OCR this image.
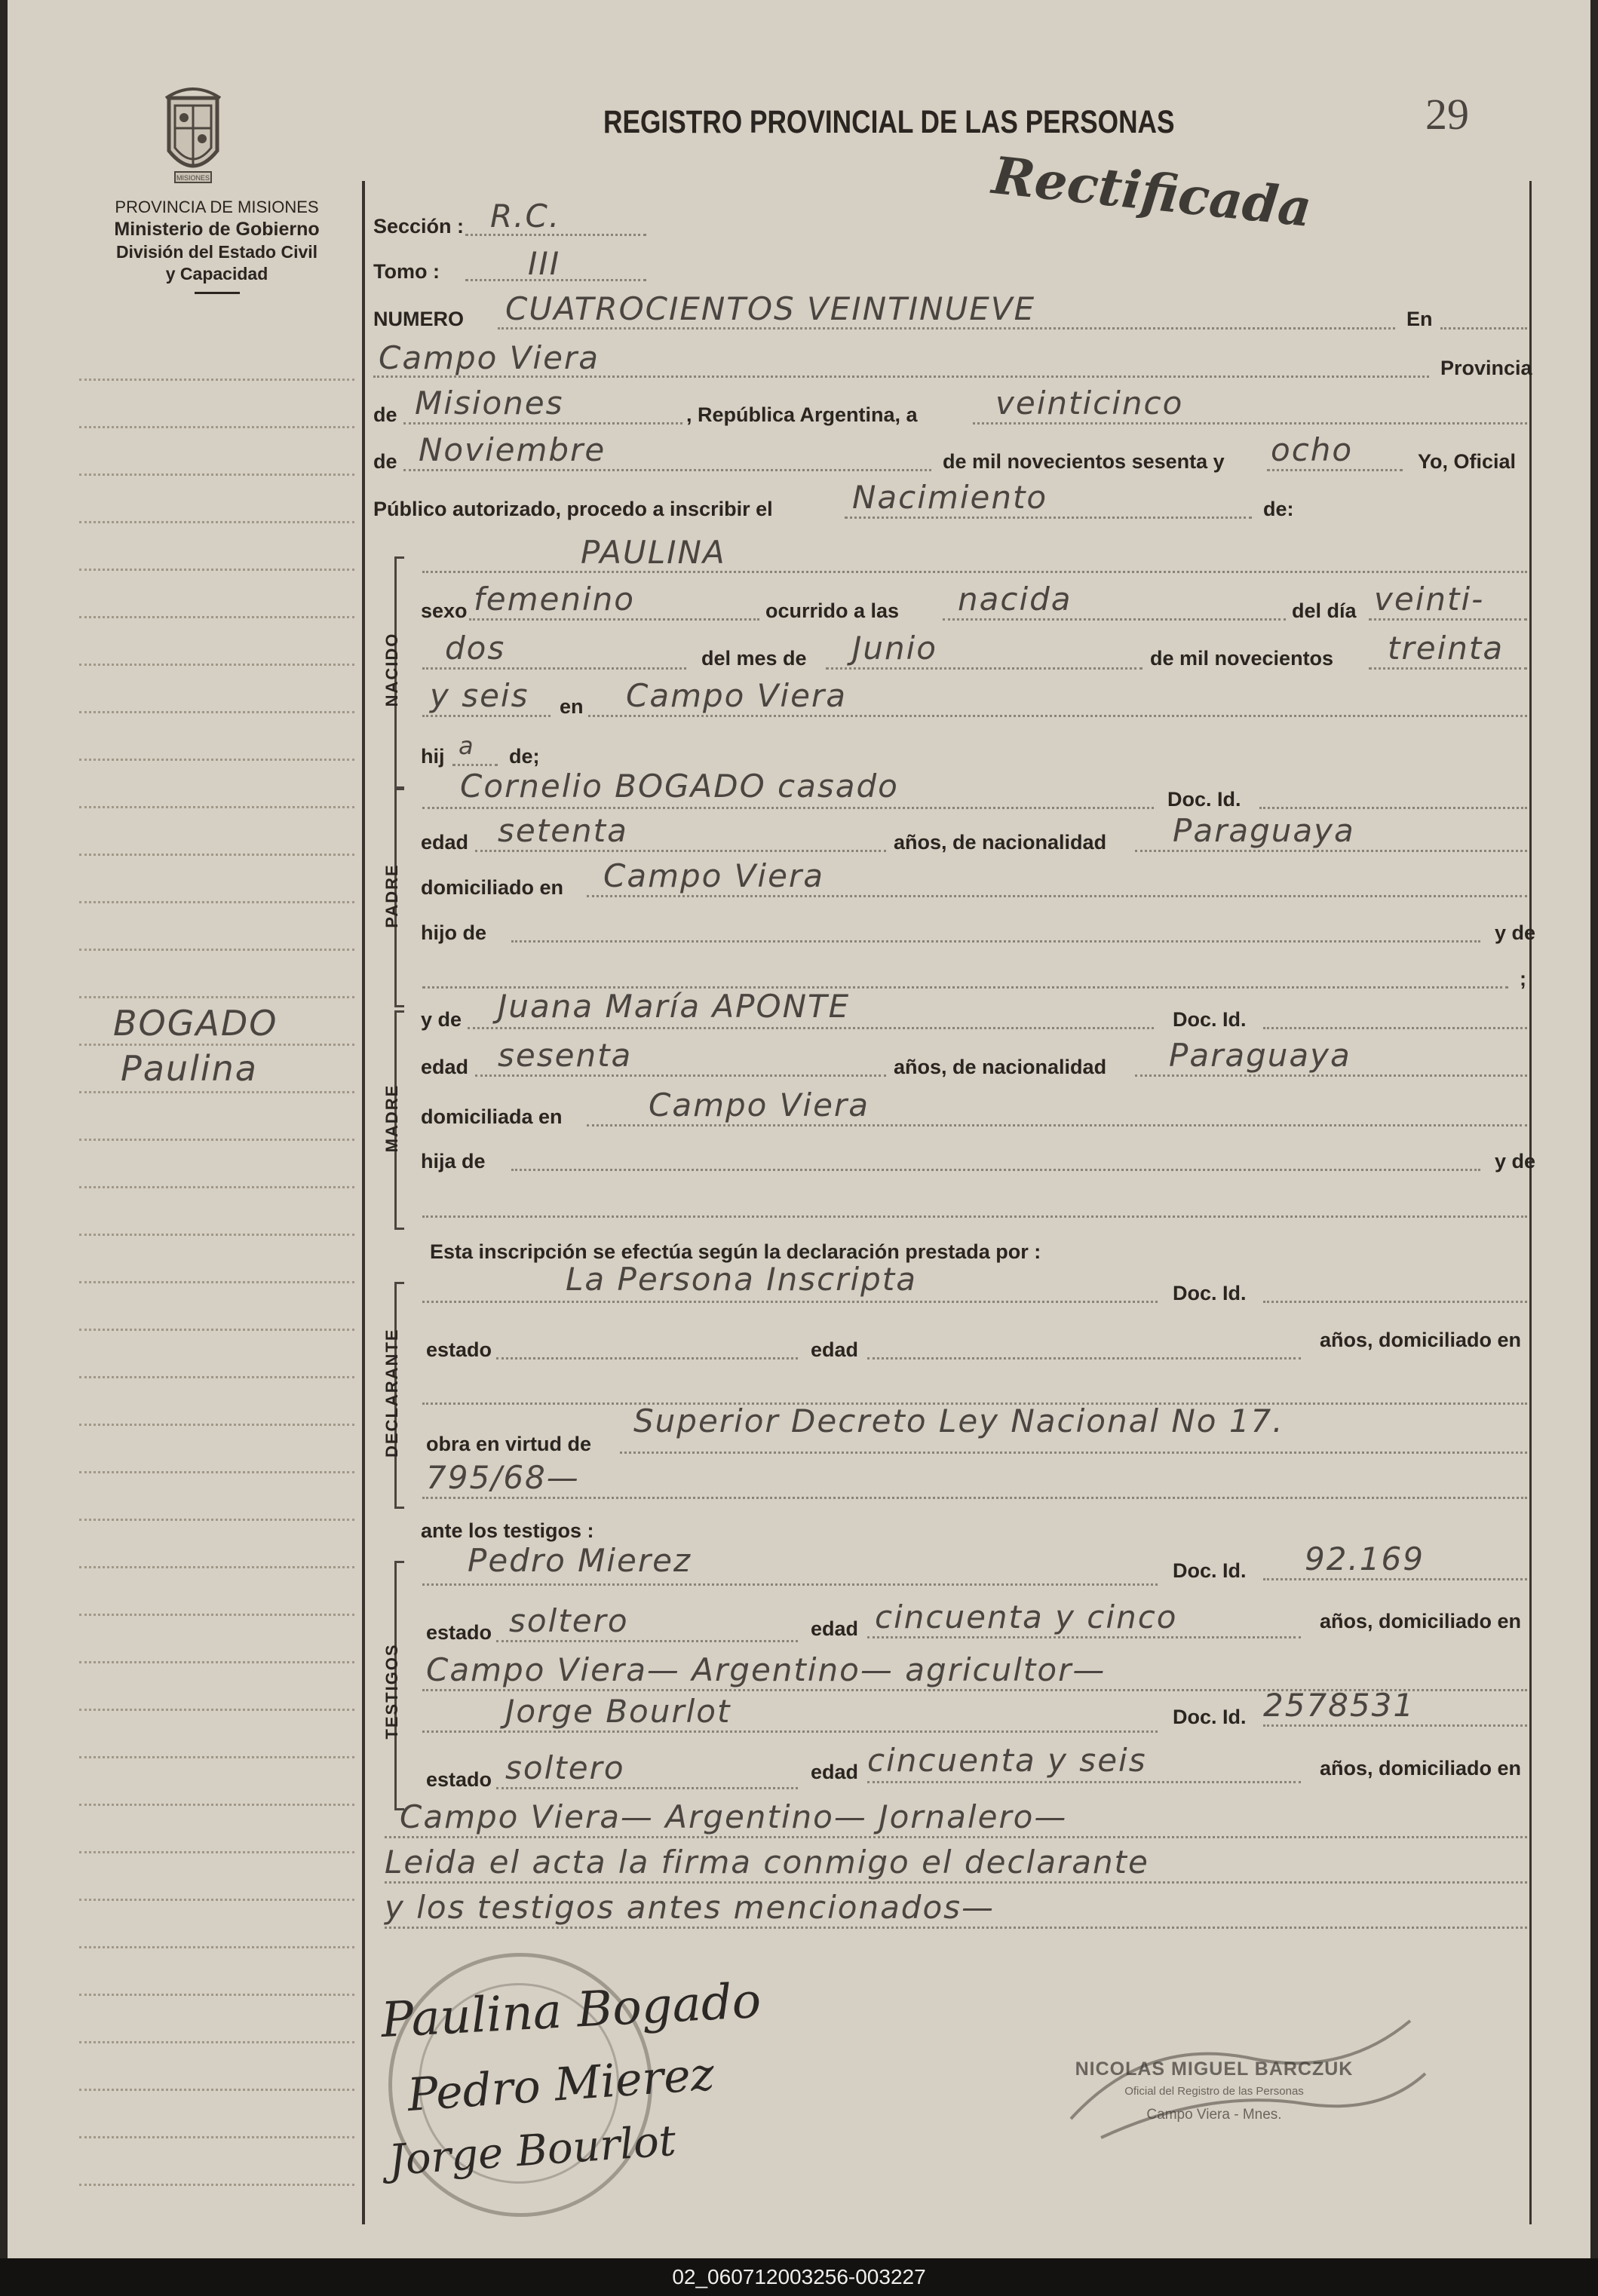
MISIONES
PROVINCIA DE MISIONES
Ministerio de Gobierno
División del Estado Civil
y Capacidad
BOGADO
Paulina
REGISTRO PROVINCIAL DE LAS PERSONAS	29
Rectificada
Sección : R.C.
Tomo :	III
NUMERO CUATROCIENTOS VEINTINUEVE	En
Campo Viera	Provincia
de Misiones	, República Argentina, a veinticinco
de Noviembre	de mil novecientos sesenta y ocho	Yo, Oficial
Público autorizado, procedo a inscribir el	Nacimiento	de:
NACIDO
PAULINA
sexo femenino	ocurrido a las nacida	del día veinti-
dos	del mes de Junio	de mil novecientos treinta
y seis en Campo Viera
hij a de;
PADRE
Cornelio BOGADO casado	Doc. Id.
edad setenta	años, de nacionalidad Paraguaya
domiciliado en Campo Viera
hijo de	y de
;
MADRE
y de Juana María APONTE	Doc. Id.
edad sesenta	años, de nacionalidad Paraguaya
domiciliada en	Campo Viera
hija de	y de
Esta inscripción se efectúa según la declaración prestada por :
DECLARANTE
La Persona Inscripta	Doc. Id.
estado	edad	años, domiciliado en
obra en virtud de
Superior Decreto Ley Nacional No 17.
795/68—
ante los testigos :
TESTIGOS
Pedro Mierez	Doc. Id. 92.169
estado soltero	edad cincuenta y cinco	años, domiciliado en
Campo Viera— Argentino— agricultor—
Jorge Bourlot	Doc. Id. 2578531
estado soltero	edad cincuenta y seis	años, domiciliado en
Campo Viera— Argentino— Jornalero—
Leida el acta la firma conmigo el declarante
y los testigos antes mencionados—
Paulina Bogado
Pedro Mierez
Jorge Bourlot
NICOLAS MIGUEL BARCZUK
Oficial del Registro de las Personas
Campo Viera - Mnes.
02_060712003256-003227
